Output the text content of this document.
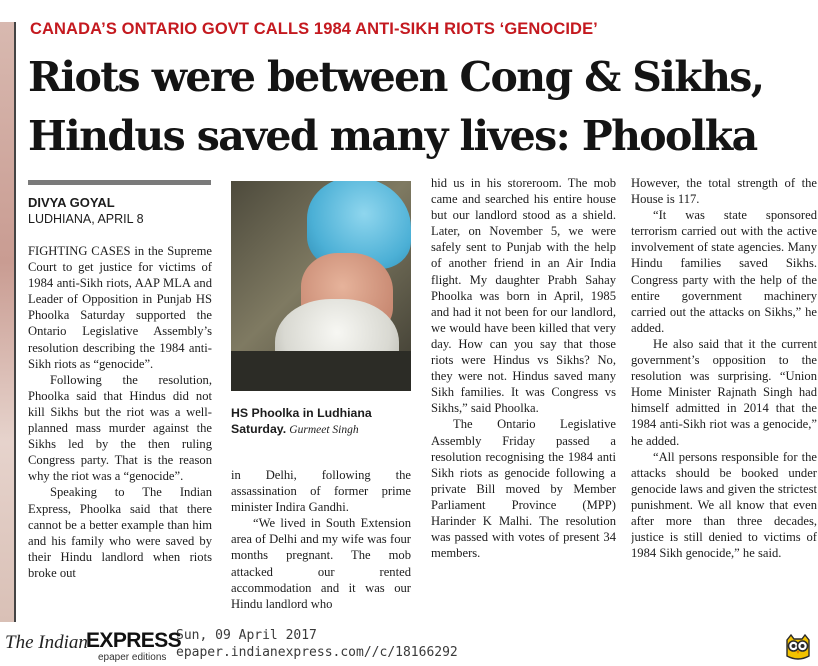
CANADA’S ONTARIO GOVT CALLS 1984 ANTI-SIKH RIOTS ‘GENOCIDE’
Riots were between Cong & Sikhs,
Hindus saved many lives: Phoolka
DIVYA GOYAL
LUDHIANA, APRIL 8

FIGHTING CASES in the Supreme Court to get justice for victims of 1984 anti-Sikh riots, AAP MLA and Leader of Opposition in Punjab HS Phoolka Saturday supported the Ontario Legislative Assembly’s resolution describing the 1984 anti-Sikh riots as “genocide”.

Following the resolution, Phoolka said that Hindus did not kill Sikhs but the riot was a well- planned mass murder against the Sikhs led by the then ruling Congress party. That is the reason why the riot was a “genocide”.

Speaking to The Indian Express, Phoolka said that there cannot be a better example than him and his family who were saved by their Hindu landlord when riots broke out

HS Phoolka in Ludhiana Saturday. Gurmeet Singh

in Delhi, following the assassination of former prime minister Indira Gandhi.

“We lived in South Extension area of Delhi and my wife was four months pregnant. The mob attacked our rented accommodation and it was our Hindu landlord who

hid us in his storeroom. The mob came and searched his entire house but our landlord stood as a shield. Later, on November 5, we were safely sent to Punjab with the help of another friend in an Air India flight. My daughter Prabh Sahay Phoolka was born in April, 1985 and had it not been for our landlord, we would have been killed that very day. How can you say that those riots were Hindus vs Sikhs? No, they were not. Hindus saved many Sikh families. It was Congress vs Sikhs,” said Phoolka.

The Ontario Legislative Assembly Friday passed a resolution recognising the 1984 anti Sikh riots as genocide following a private Bill moved by Member Parliament Province (MPP) Harinder K Malhi. The resolution was passed with votes of present 34 members.

However, the total strength of the House is 117.

“It was state sponsored terrorism carried out with the active involvement of state agencies. Many Hindu families saved Sikhs. Congress party with the help of the entire government machinery carried out the attacks on Sikhs,” he added.

He also said that it the current government’s opposition to the resolution was surprising. “Union Home Minister Rajnath Singh had himself admitted in 2014 that the 1984 anti-Sikh riot was a genocide,” he added.

“All persons responsible for the attacks should be booked under genocide laws and given the strictest punishment. We all know that even after more than three decades, justice is still denied to victims of 1984 Sikh genocide,” he said.

The Indian
EXPRESS
epaper editions
Sun, 09 April 2017
epaper.indianexpress.com//c/18166292
